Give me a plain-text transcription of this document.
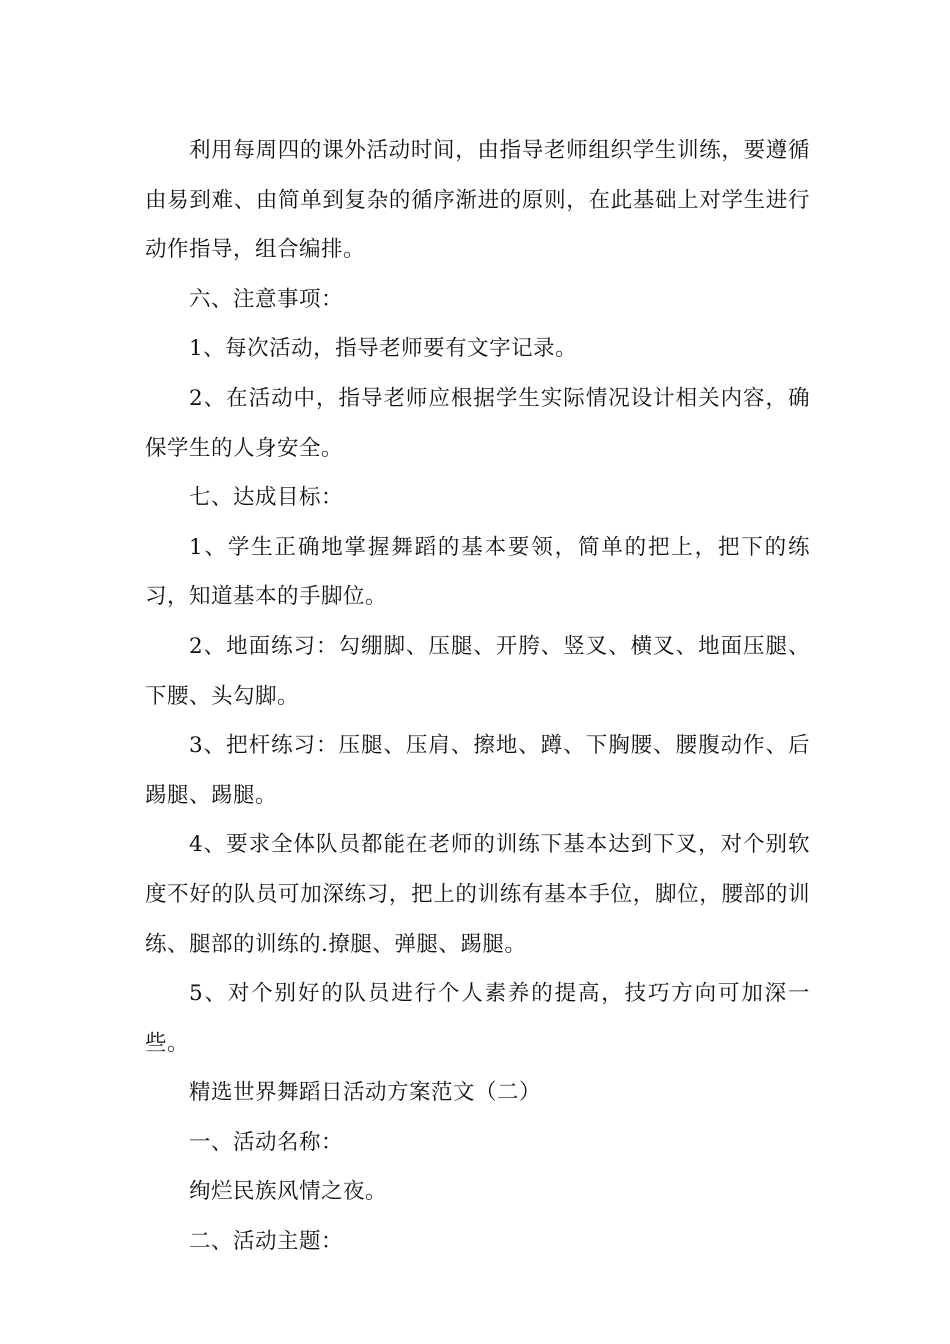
利用每周四的课外活动时间，由指导老师组织学生训练，要遵循由易到难、由简单到复杂的循序渐进的原则，在此基础上对学生进行动作指导，组合编排。

六、注意事项：

1、每次活动，指导老师要有文字记录。

2、在活动中，指导老师应根据学生实际情况设计相关内容，确保学生的人身安全。

七、达成目标：

1、学生正确地掌握舞蹈的基本要领，简单的把上，把下的练习，知道基本的手脚位。

2、地面练习：勾绷脚、压腿、开胯、竖叉、横叉、地面压腿、下腰、头勾脚。

3、把杆练习：压腿、压肩、擦地、蹲、下胸腰、腰腹动作、后踢腿、踢腿。

4、要求全体队员都能在老师的训练下基本达到下叉，对个别软度不好的队员可加深练习，把上的训练有基本手位，脚位，腰部的训练、腿部的训练的.撩腿、弹腿、踢腿。

5、对个别好的队员进行个人素养的提高，技巧方向可加深一些。

精选世界舞蹈日活动方案范文（二）

一、活动名称：

绚烂民族风情之夜。

二、活动主题：
